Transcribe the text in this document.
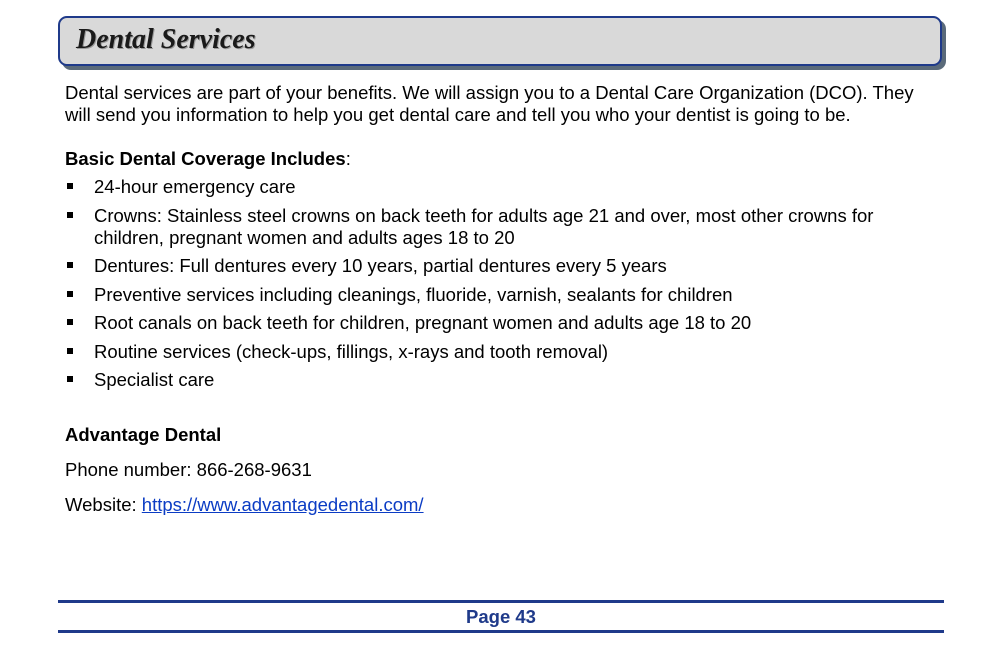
Dental Services

Dental services are part of your benefits. We will assign you to a Dental Care Organization (DCO). They will send you information to help you get dental care and tell you who your dentist is going to be.

Basic Dental Coverage Includes:
24-hour emergency care
Crowns: Stainless steel crowns on back teeth for adults age 21 and over, most other crowns for children, pregnant women and adults ages 18 to 20
Dentures: Full dentures every 10 years, partial dentures every 5 years
Preventive services including cleanings, fluoride, varnish, sealants for children
Root canals on back teeth for children, pregnant women and adults age 18 to 20
Routine services (check-ups, fillings, x-rays and tooth removal)
Specialist care
Advantage Dental
Phone number: 866-268-9631
Website: https://www.advantagedental.com/
Page 43
